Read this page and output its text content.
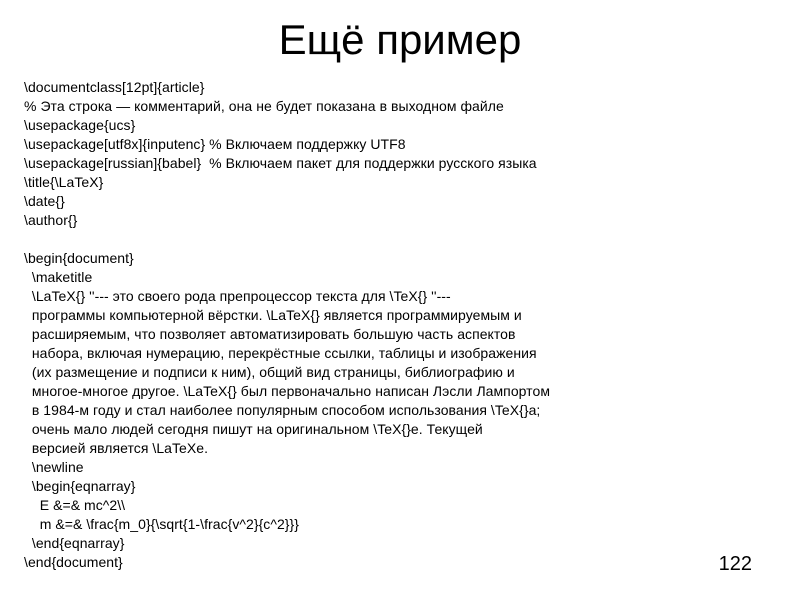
Ещё пример
\documentclass[12pt]{article}
% Эта строка — комментарий, она не будет показана в выходном файле
\usepackage{ucs}
\usepackage[utf8x]{inputenc} % Включаем поддержку UTF8
\usepackage[russian]{babel}  % Включаем пакет для поддержки русского языка
\title{\LaTeX}
\date{}
\author{}
\begin{document}
\maketitle
\LaTeX{} ''--- это своего рода препроцессор текста для \TeX{} ''---
программы компьютерной вёрстки. \LaTeX{} является программируемым и
расширяемым, что позволяет автоматизировать большую часть аспектов
набора, включая нумерацию, перекрёстные ссылки, таблицы и изображения
(их размещение и подписи к ним), общий вид страницы, библиографию и
многое-многое другое. \LaTeX{} был первоначально написан Лэсли Лампортом
в 1984-м году и стал наиболее популярным способом использования \TeX{}а;
очень мало людей сегодня пишут на оригинальном \TeX{}е. Текущей
версией является \LaTeXe.
\newline
\begin{eqnarray}
E &=& mc^2\\
m &=& \frac{m_0}{\sqrt{1-\frac{v^2}{c^2}}}
\end{eqnarray}
\end{document}	122
